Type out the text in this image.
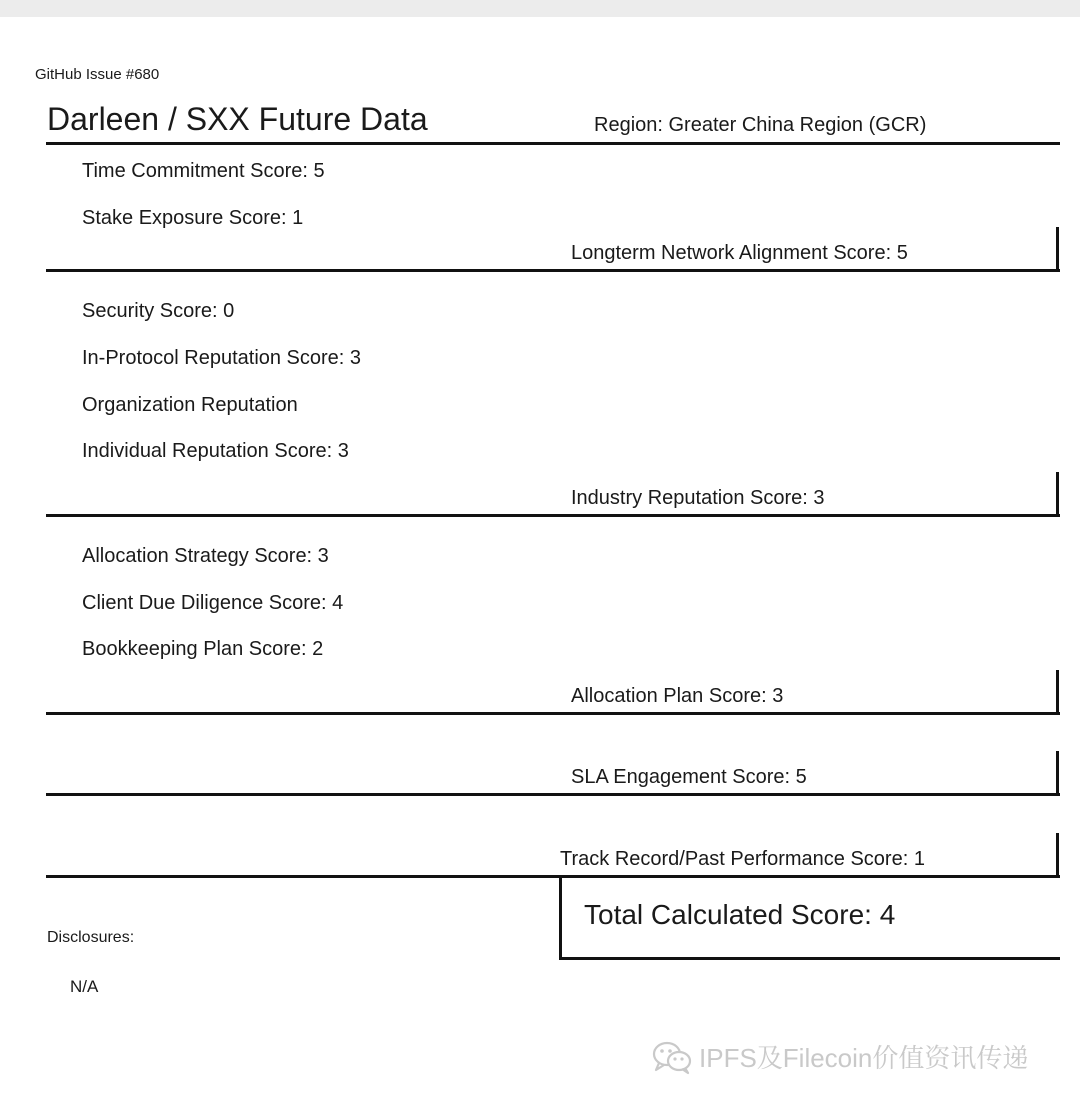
GitHub Issue #680
Darleen / SXX Future Data	Region: Greater China Region (GCR)
Time Commitment Score: 5
Stake Exposure Score: 1
Longterm Network Alignment Score: 5
Security Score: 0
In-Protocol Reputation Score: 3
Organization Reputation
Individual Reputation Score: 3
Industry Reputation Score: 3
Allocation Strategy Score: 3
Client Due Diligence Score: 4
Bookkeeping Plan Score: 2
Allocation Plan Score: 3
SLA Engagement Score: 5
Track Record/Past Performance Score: 1
Total Calculated Score: 4
Disclosures:
N/A
IPFS及Filecoin价值资讯传递
